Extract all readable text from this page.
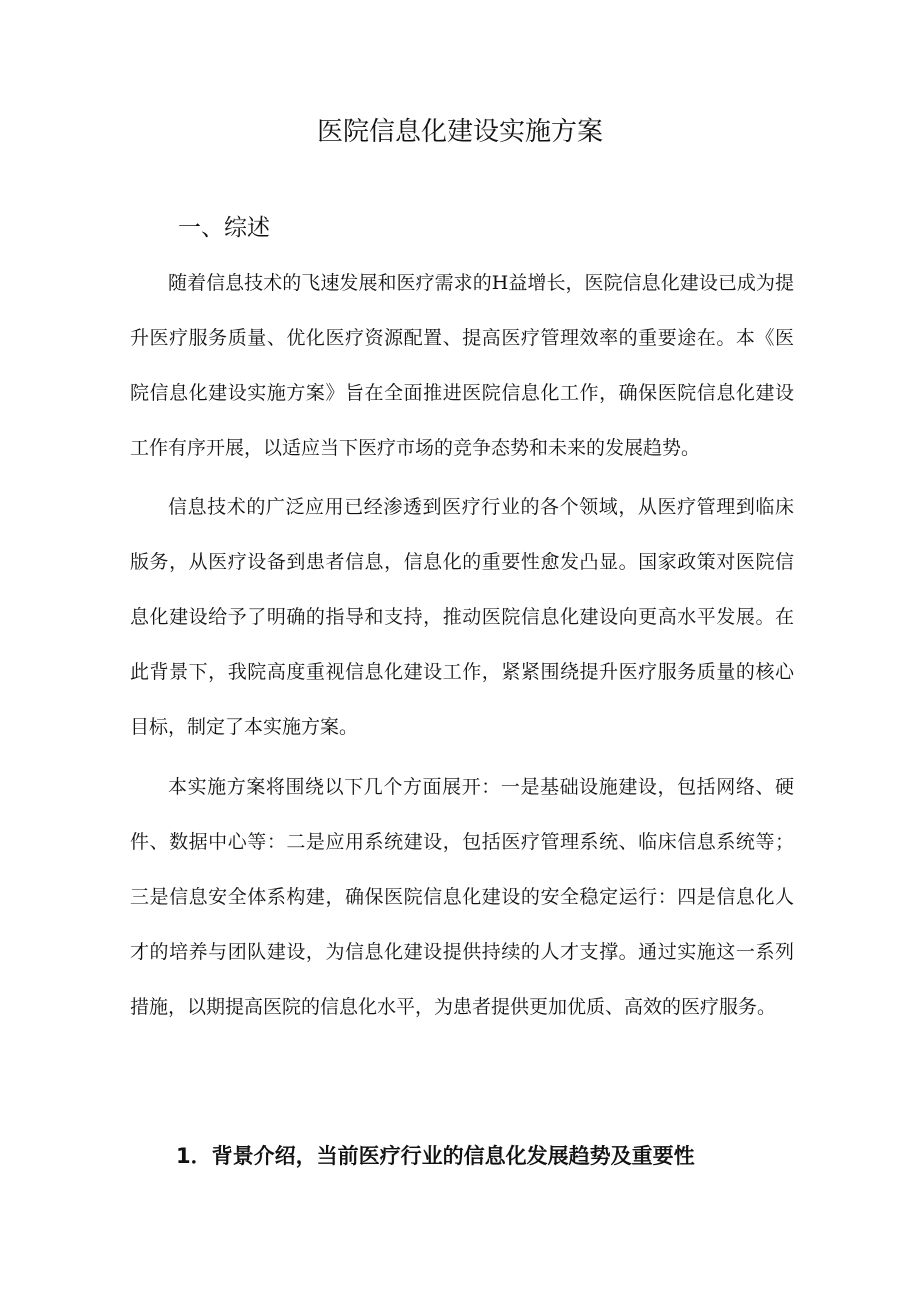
医院信息化建设实施方案
一、综述

随着信息技术的飞速发展和医疗需求的H益增长，医院信息化建设已成为提升医疗服务质量、优化医疗资源配置、提高医疗管理效率的重要途在。本《医院信息化建设实施方案》旨在全面推进医院信息化工作，确保医院信息化建设工作有序开展，以适应当下医疗市场的竞争态势和未来的发展趋势。

信息技术的广泛应用已经渗透到医疗行业的各个领域，从医疗管理到临床版务，从医疗设备到患者信息，信息化的重要性愈发凸显。国家政策对医院信息化建设给予了明确的指导和支持，推动医院信息化建设向更高水平发展。在此背景下，我院高度重视信息化建设工作，紧紧围绕提升医疗服务质量的核心目标，制定了本实施方案。

本实施方案将围绕以下几个方面展开：一是基础设施建设，包括网络、硬件、数据中心等：二是应用系统建设，包括医疗管理系统、临床信息系统等；三是信息安全体系构建，确保医院信息化建设的安全稳定运行：四是信息化人才的培养与团队建设，为信息化建设提供持续的人才支撑。通过实施这一系列措施，以期提高医院的信息化水平，为患者提供更加优质、高效的医疗服务。

1．背景介绍，当前医疗行业的信息化发展趋势及重要性
